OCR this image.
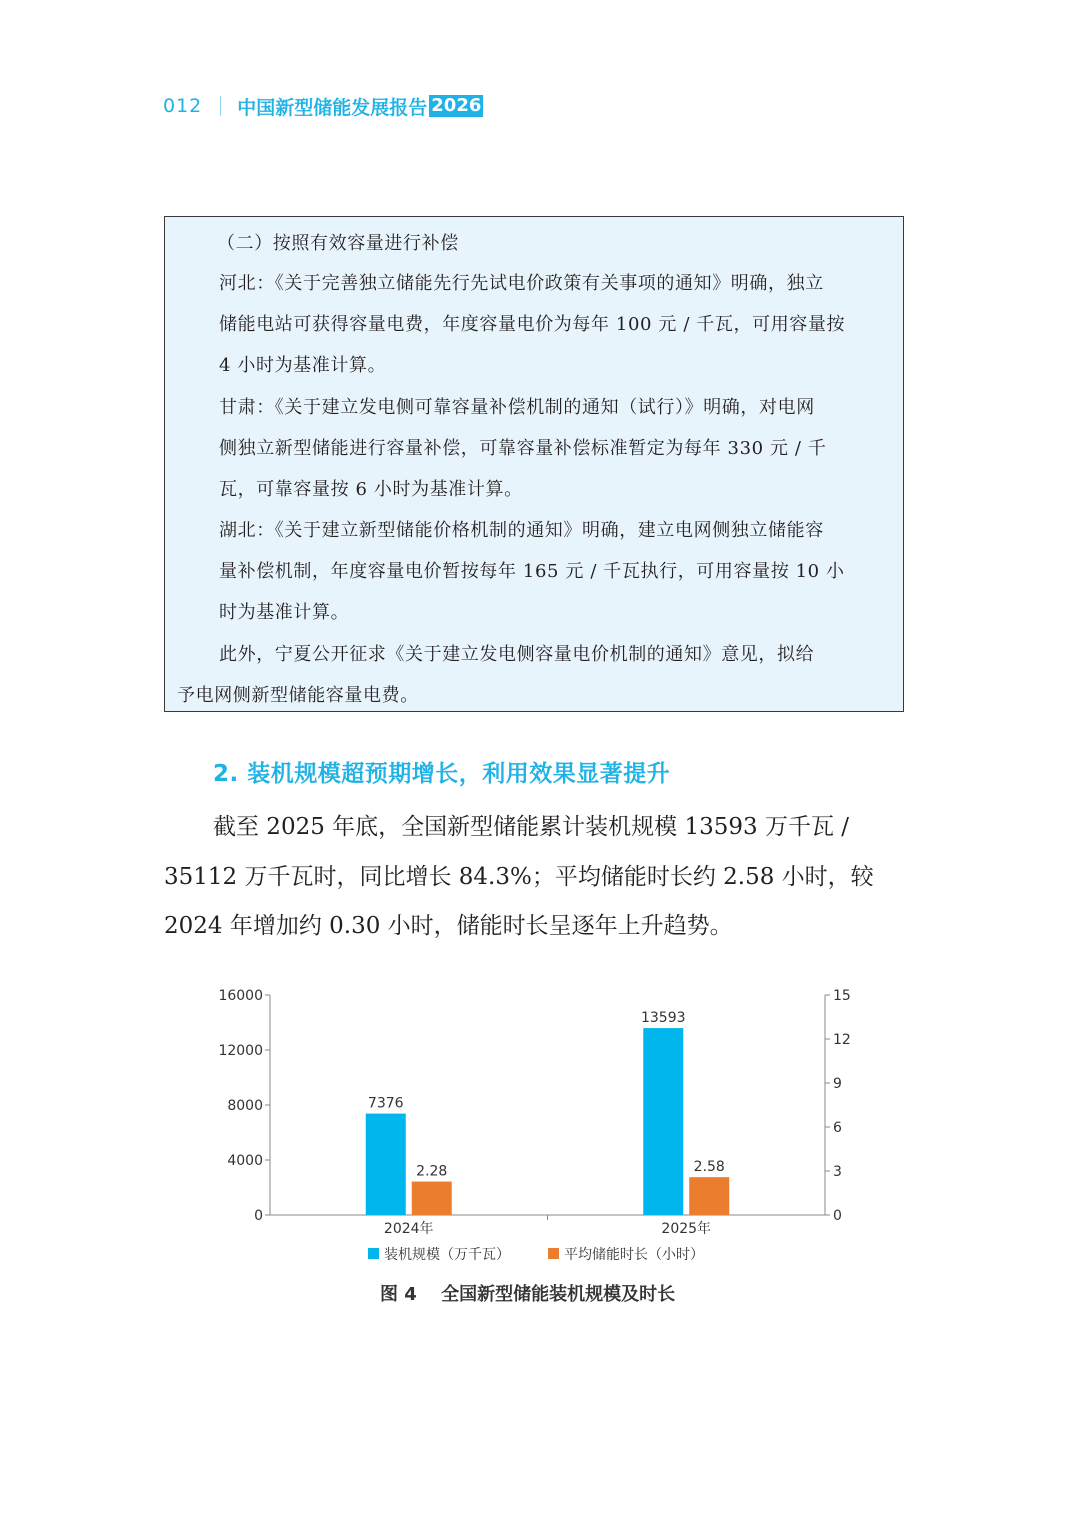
012 中国新型储能发展报告 2026
（二）按照有效容量进行补偿
河北：《关于完善独立储能先行先试电价政策有关事项的通知》明确，独立
储能电站可获得容量电费，年度容量电价为每年 100 元 / 千瓦，可用容量按
4 小时为基准计算。
甘肃：《关于建立发电侧可靠容量补偿机制的通知（试行）》明确，对电网
侧独立新型储能进行容量补偿，可靠容量补偿标准暂定为每年 330 元 / 千
瓦，可靠容量按 6 小时为基准计算。
湖北：《关于建立新型储能价格机制的通知》明确，建立电网侧独立储能容
量补偿机制，年度容量电价暂按每年 165 元 / 千瓦执行，可用容量按 10 小
时为基准计算。
此外，宁夏公开征求《关于建立发电侧容量电价机制的通知》意见，拟给
予电网侧新型储能容量电费。
2. 装机规模超预期增长，利用效果显著提升
截至 2025 年底，全国新型储能累计装机规模 13593 万千瓦 /
35112 万千瓦时，同比增长 84.3%；平均储能时长约 2.58 小时，较
2024 年增加约 0.30 小时，储能时长呈逐年上升趋势。
0
4000
8000
12000
16000
0
3
6
9
12
15
2024年
7376
2.28
2025年
13593
2.58
装机规模（万千瓦）	平均储能时长（小时）
图 4 全国新型储能装机规模及时长
